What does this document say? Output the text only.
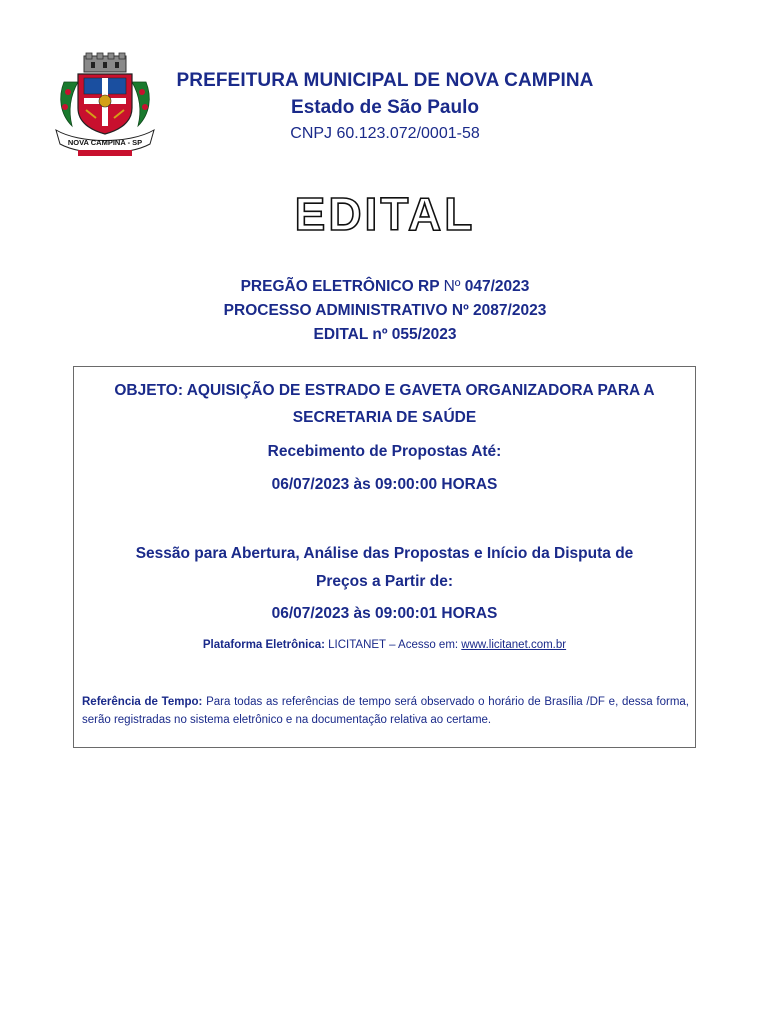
NOVA CAMPINA - SP
PREFEITURA MUNICIPAL DE NOVA CAMPINA
Estado de São Paulo
CNPJ 60.123.072/0001-58
EDITAL
PREGÃO ELETRÔNICO RP Nº 047/2023
PROCESSO ADMINISTRATIVO Nº 2087/2023
EDITAL nº 055/2023
OBJETO: AQUISIÇÃO DE ESTRADO E GAVETA ORGANIZADORA PARA A SECRETARIA DE SAÚDE
Recebimento de Propostas Até:
06/07/2023 às 09:00:00 HORAS
Sessão para Abertura, Análise das Propostas e Início da Disputa de
Preços a Partir de:
06/07/2023 às 09:00:01 HORAS
Plataforma Eletrônica: LICITANET – Acesso em: www.licitanet.com.br
Referência de Tempo: Para todas as referências de tempo será observado o horário de Brasília /DF e, dessa forma, serão registradas no sistema eletrônico e na documentação relativa ao certame.
